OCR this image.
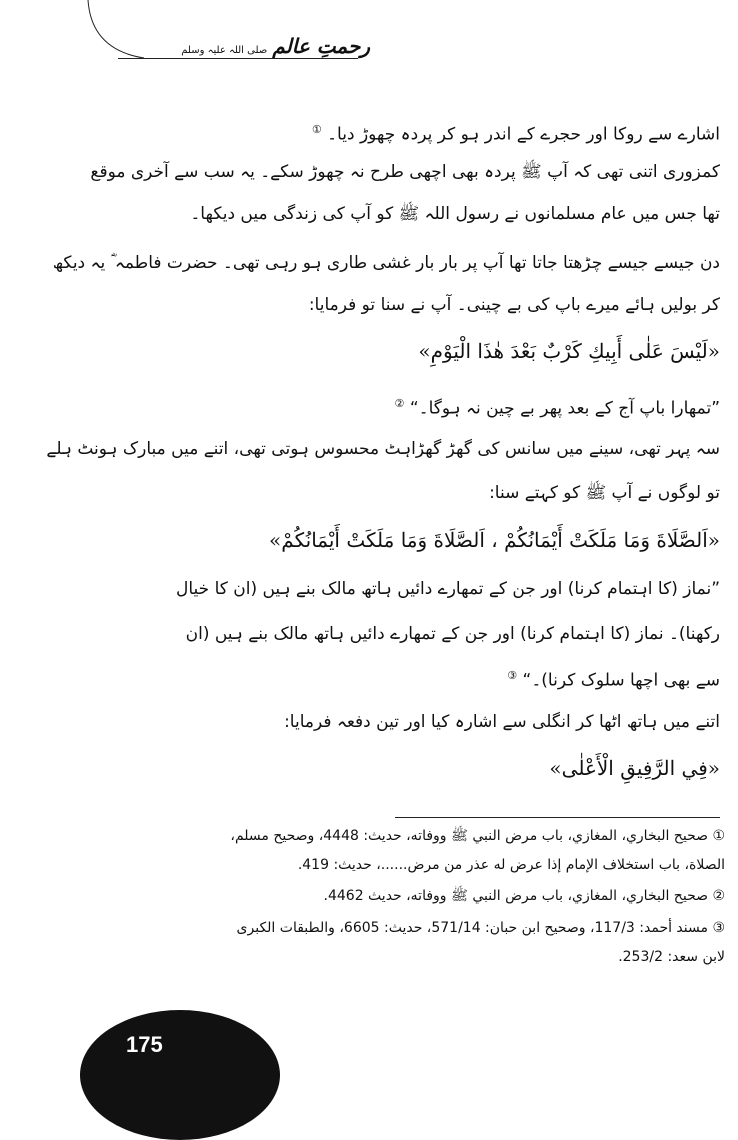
رحمتِ عالم صلی اللہ علیہ وسلم
اشارے سے روکا اور حجرے کے اندر ہو کر پردہ چھوڑ دیا۔ ①
کمزوری اتنی تھی کہ آپ ﷺ پردہ بھی اچھی طرح نہ چھوڑ سکے۔ یہ سب سے آخری موقع
تھا جس میں عام مسلمانوں نے رسول اللہ ﷺ کو آپ کی زندگی میں دیکھا۔
دن جیسے جیسے چڑھتا جاتا تھا آپ پر بار بار غشی طاری ہو رہی تھی۔ حضرت فاطمہ ؓ یہ دیکھ
کر بولیں ہائے میرے باپ کی بے چینی۔ آپ نے سنا تو فرمایا:
«لَيْسَ عَلٰى أَبِيكِ كَرْبٌ بَعْدَ هٰذَا الْيَوْمِ»
”تمھارا باپ آج کے بعد پھر بے چین نہ ہوگا۔“ ②
سہ پہر تھی، سینے میں سانس کی گھڑ گھڑاہٹ محسوس ہوتی تھی، اتنے میں مبارک ہونٹ ہلے
تو لوگوں نے آپ ﷺ کو کہتے سنا:
«اَلصَّلَاةَ وَمَا مَلَكَتْ أَيْمَانُكُمْ ، اَلصَّلَاةَ وَمَا مَلَكَتْ أَيْمَانُكُمْ»
”نماز (کا اہتمام کرنا) اور جن کے تمھارے دائیں ہاتھ مالک بنے ہیں (ان کا خیال
رکھنا)۔ نماز (کا اہتمام کرنا) اور جن کے تمھارے دائیں ہاتھ مالک بنے ہیں (ان
سے بھی اچھا سلوک کرنا)۔“ ③
اتنے میں ہاتھ اٹھا کر انگلی سے اشارہ کیا اور تین دفعہ فرمایا:
«فِي الرَّفِيقِ الْأَعْلٰى»
① صحيح البخاري، المغازي، باب مرض النبي ﷺ ووفاته، حديث: 4448، وصحيح مسلم،
الصلاة، باب استخلاف الإمام إذا عرض له عذر من مرض......، حديث: 419.
② صحيح البخاري، المغازي، باب مرض النبي ﷺ ووفاته، حديث 4462.
③ مسند أحمد: 117/3، وصحيح ابن حبان: 571/14، حديث: 6605، والطبقات الكبرى
لابن سعد: 253/2.
175
